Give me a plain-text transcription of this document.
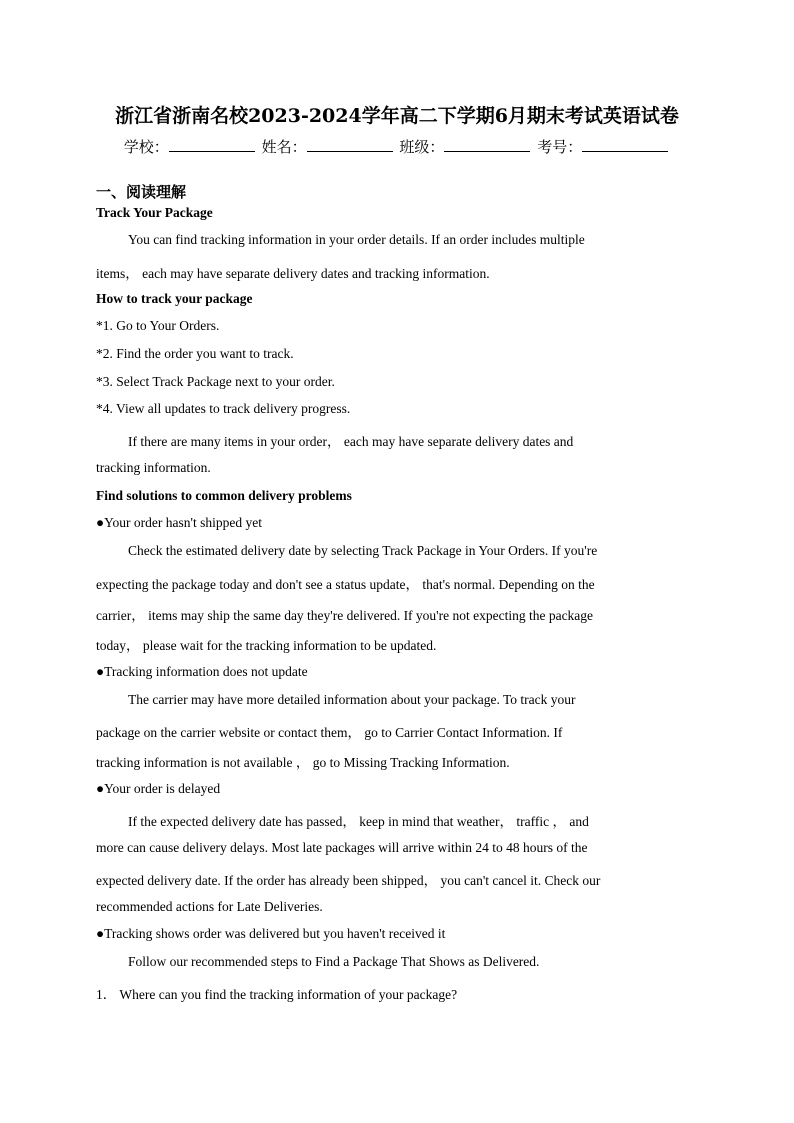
浙江省浙南名校2023-2024学年高二下学期6月期末考试英语试卷
学校：	姓名：	班级：	考号：
一、阅读理解
Track Your Package
You can find tracking information in your order details. If an order includes multiple
items， each may have separate delivery dates and tracking information.
How to track your package
*1. Go to Your Orders.
*2. Find the order you want to track.
*3. Select Track Package next to your order.
*4. View all updates to track delivery progress.
If there are many items in your order， each may have separate delivery dates and
tracking information.
Find solutions to common delivery problems
●Your order hasn't shipped yet
Check the estimated delivery date by selecting Track Package in Your Orders. If you're
expecting the package today and don't see a status update， that's normal. Depending on the
carrier， items may ship the same day they're delivered. If you're not expecting the package
today， please wait for the tracking information to be updated.
●Tracking information does not update
The carrier may have more detailed information about your package. To track your
package on the carrier website or contact them， go to Carrier Contact Information. If
tracking information is not available ， go to Missing Tracking Information.
●Your order is delayed
If the expected delivery date has passed， keep in mind that weather， traffic ， and
more can cause delivery delays. Most late packages will arrive within 24 to 48 hours of the
expected delivery date. If the order has already been shipped， you can't cancel it. Check our
recommended actions for Late Deliveries.
●Tracking shows order was delivered but you haven't received it
Follow our recommended steps to Find a Package That Shows as Delivered.
1． Where can you find the tracking information of your package?
